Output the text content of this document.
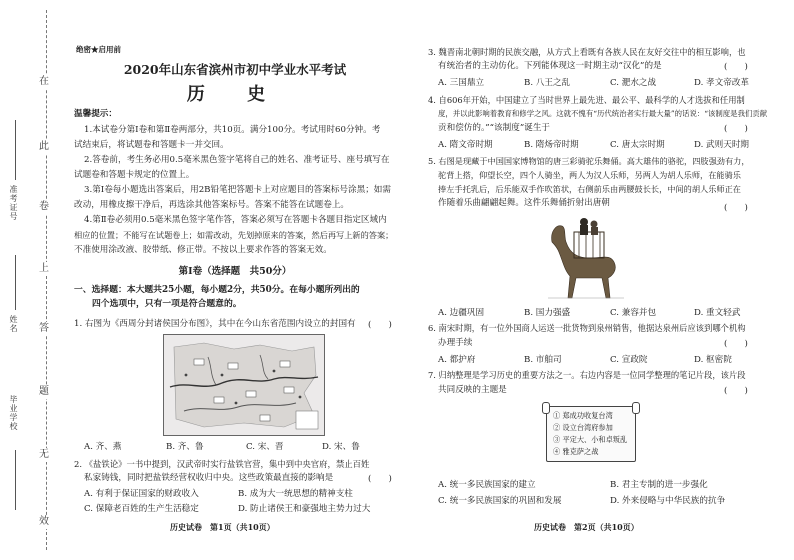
在
此
卷
上
答
题
无
效
准考证号
姓名
毕业学校
绝密★启用前
2020年山东省滨州市初中学业水平考试
历 史
温馨提示：
1.本试卷分第Ⅰ卷和第Ⅱ卷两部分，共10页。满分100分。考试用时60分钟。考
试结束后，将试题卷和答题卡一并交回。
2.答卷前，考生务必用0.5毫米黑色签字笔将自己的姓名、准考证号、座号填写在
试题卷和答题卡规定的位置上。
3.第Ⅰ卷每小题选出答案后，用2B铅笔把答题卡上对应题目的答案标号涂黑；如需
改动，用橡皮擦干净后，再选涂其他答案标号。答案不能答在试题卷上。
4.第Ⅱ卷必须用0.5毫米黑色签字笔作答，答案必须写在答题卡各题目指定区域内
相应的位置；不能写在试题卷上；如需改动，先划掉原来的答案，然后再写上新的答案；
不准使用涂改液、胶带纸、修正带。不按以上要求作答的答案无效。
第Ⅰ卷（选择题　共50分）
一、选择题：本大题共25小题，每小题2分，共50分。在每小题所列出的
四个选项中，只有一项是符合题意的。
1. 右图为《西周分封诸侯国分布图》，其中在今山东省范围内设立的封国有 (　　)
A. 齐、燕	B. 齐、鲁	C. 宋、晋	D. 宋、鲁
2. 《盐铁论》一书中提到，汉武帝时实行盐铁官营，集中到中央官府，禁止百姓
私家铸钱，同时把盐铁经营权收归中央。这些政策最直接的影响是	(　　)
A. 有利于保证国家的财政收入	B. 成为大一统思想的精神支柱
C. 保障老百姓的生产生活稳定	D. 防止诸侯王和豪强地主势力过大
历史试卷　第1页（共10页）
3. 魏晋南北朝时期的民族交融，从方式上看既有各族人民在友好交往中的相互影响，也
有统治者的主动仿化。下列能体现这一时期主动“汉化”的是	(　　)
A. 三国鼎立	B. 八王之乱	C. 淝水之战	D. 孝文帝改革
4. 自606年开始，中国建立了当时世界上最先进、最公平、最科学的人才选拔和任用制
度，并以此影响着教育和修学之风。这就不愧有“历代统治者实行最大量”的话说：“该制度是我们贡献
贡和偿仿的。”“该制度”诞生于	(　　)
A. 隋文帝时期	B. 隋炀帝时期	C. 唐太宗时期	D. 武则天时期
5. 右图是现藏于中国国家博物馆的唐三彩骑驼乐舞俑。高大雄伟的骆驼，四肢强劲有力，
驼背上搭，仰望长空，四个人骑坐，两人为汉人乐师，另两人为胡人乐师，在能骑乐
捧左手托乳后，后乐能双手作吹笛状，右侧前乐由两腰鼓长长，中间的胡人乐师正在
作随着乐曲翩翩起舞。这件乐舞俑折射出唐朝	(　　)
A. 边疆巩固	B. 国力强盛	C. 兼容并包	D. 重文轻武
6. 南宋时期，有一位外国商人运送一批货物到泉州销售，他据达泉州后应该到哪个机构
办理手续	(　　)
A. 都护府	B. 市舶司	C. 宣政院	D. 枢密院
7. 归纳整理是学习历史的重要方法之一。右边内容是一位同学整理的笔记片段，该片段
共同反映的主题是	(　　)
① 郑成功收复台湾
② 设立台湾府参加
③ 平定大、小和卓叛乱
④ 雅克萨之战
A. 统一多民族国家的建立	B. 君主专制的进一步强化
C. 统一多民族国家的巩固和发展	D. 外来侵略与中华民族的抗争
历史试卷　第2页（共10页）
